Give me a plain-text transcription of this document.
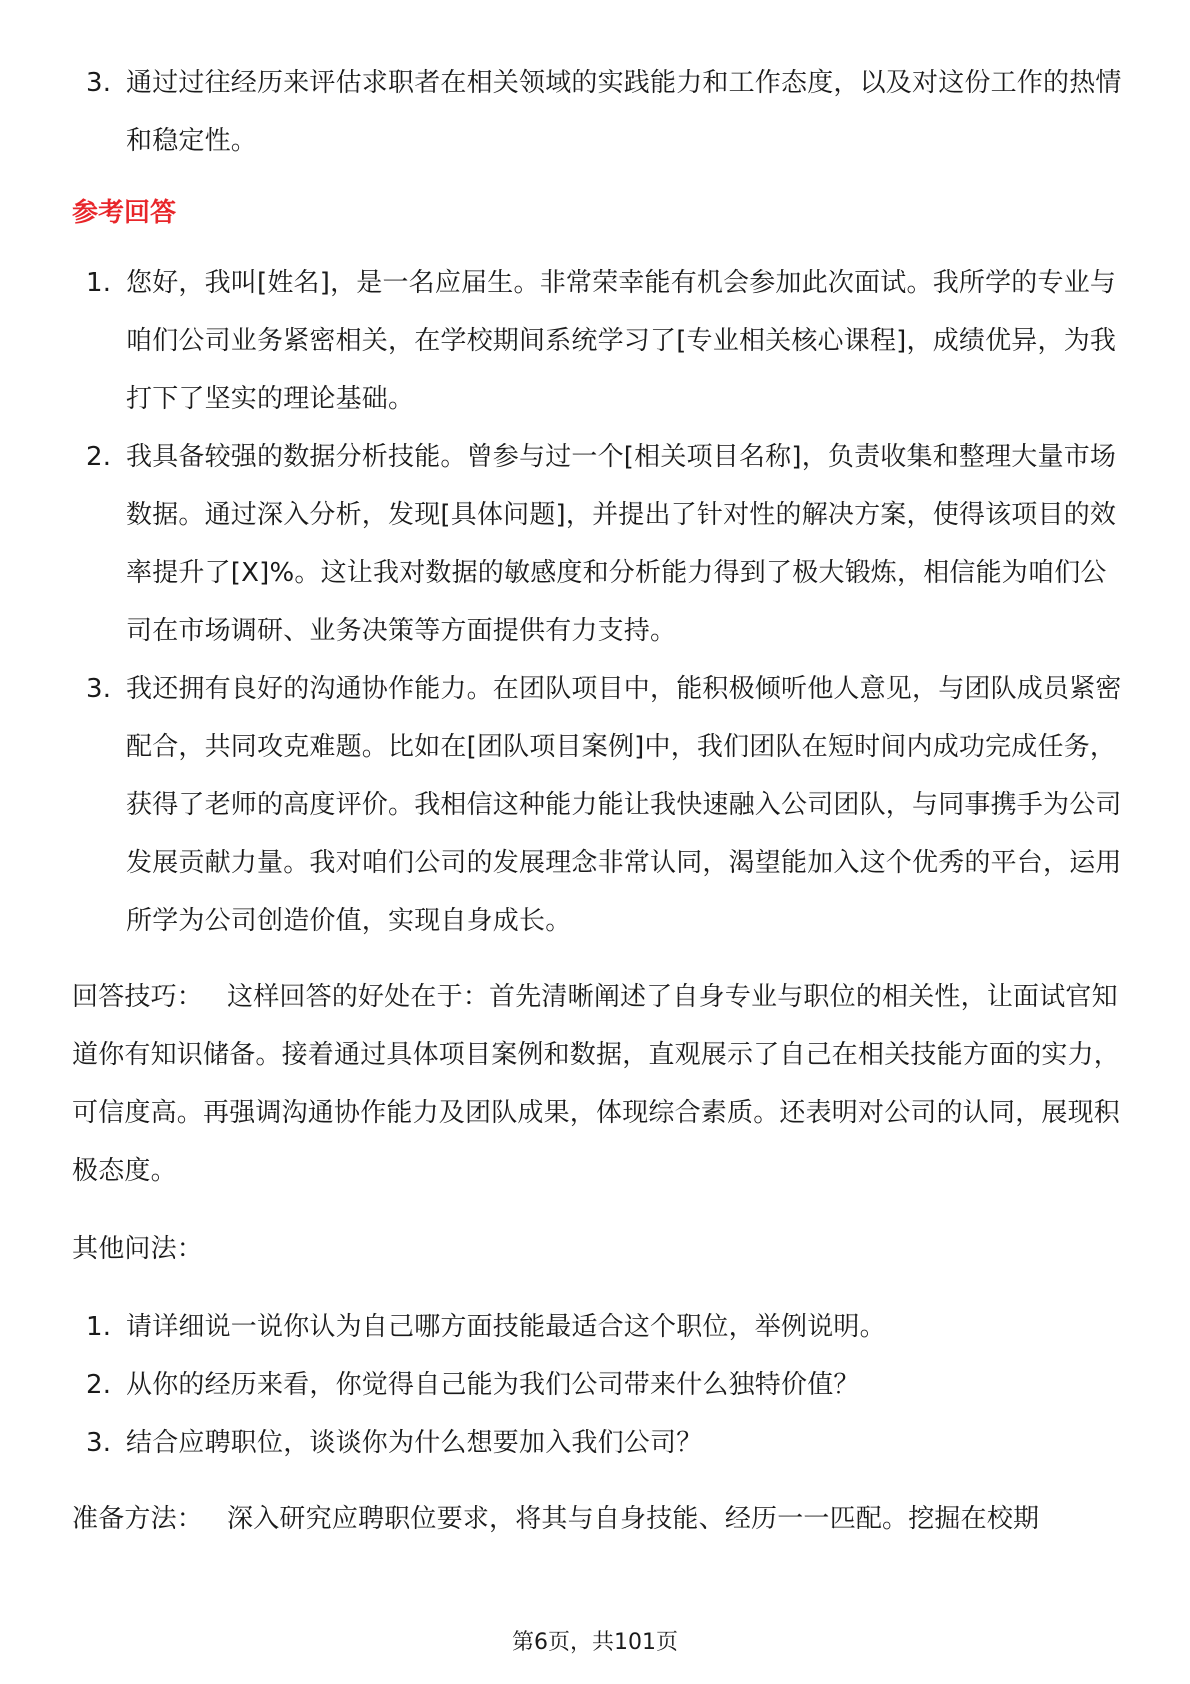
3. 通过过往经历来评估求职者在相关领域的实践能力和工作态度，以及对这份工作的热情和稳定性。
参考回答
1. 您好，我叫[姓名]，是一名应届生。非常荣幸能有机会参加此次面试。我所学的专业与咱们公司业务紧密相关，在学校期间系统学习了[专业相关核心课程]，成绩优异，为我打下了坚实的理论基础。
2. 我具备较强的数据分析技能。曾参与过一个[相关项目名称]，负责收集和整理大量市场数据。通过深入分析，发现[具体问题]，并提出了针对性的解决方案，使得该项目的效率提升了[X]%。这让我对数据的敏感度和分析能力得到了极大锻炼，相信能为咱们公司在市场调研、业务决策等方面提供有力支持。
3. 我还拥有良好的沟通协作能力。在团队项目中，能积极倾听他人意见，与团队成员紧密配合，共同攻克难题。比如在[团队项目案例]中，我们团队在短时间内成功完成任务，获得了老师的高度评价。我相信这种能力能让我快速融入公司团队，与同事携手为公司发展贡献力量。我对咱们公司的发展理念非常认同，渴望能加入这个优秀的平台，运用所学为公司创造价值，实现自身成长。

回答技巧： 这样回答的好处在于：首先清晰阐述了自身专业与职位的相关性，让面试官知道你有知识储备。接着通过具体项目案例和数据，直观展示了自己在相关技能方面的实力，可信度高。再强调沟通协作能力及团队成果，体现综合素质。还表明对公司的认同，展现积极态度。

其他问法：

1. 请详细说一说你认为自己哪方面技能最适合这个职位，举例说明。
2. 从你的经历来看，你觉得自己能为我们公司带来什么独特价值？
3. 结合应聘职位，谈谈你为什么想要加入我们公司？

准备方法： 深入研究应聘职位要求，将其与自身技能、经历一一匹配。挖掘在校期

第6页，共101页
